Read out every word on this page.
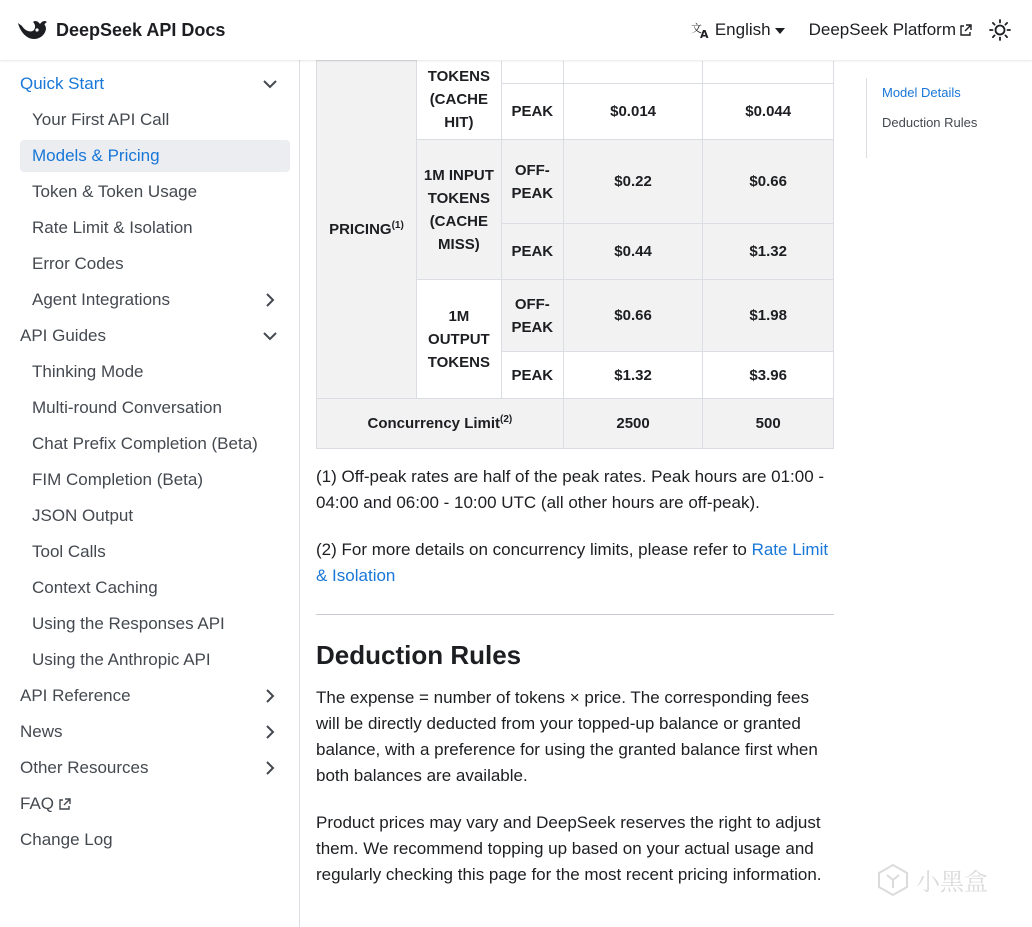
DeepSeek API Docs	文
A English DeepSeek Platform
Quick Start
Your First API Call
Models & Pricing
Token & Token Usage
Rate Limit & Isolation
Error Codes
Agent Integrations
API Guides
Thinking Mode
Multi-round Conversation
Chat Prefix Completion (Beta)
FIM Completion (Beta)
JSON Output
Tool Calls
Context Caching
Using the Responses API
Using the Anthropic API
API Reference
News
Other Resources
FAQ
Change Log
PRICING$^{(1)}$	TOKENS (CACHE HIT)			
		PEAK	$0.014	$0.044
	1M INPUT TOKENS (CACHE MISS)	OFF-PEAK	$0.22	$0.66
		PEAK	$0.44	$1.32
	1M OUTPUT TOKENS	OFF-PEAK	$0.66	$1.98
		PEAK	$1.32	$3.96
Concurrency Limit$^{(2)}$			2500	500
(1) Off-peak rates are half of the peak rates. Peak hours are 01:00 - 04:00 and 06:00 - 10:00 UTC (all other hours are off-peak).
(2) For more details on concurrency limits, please refer to Rate Limit & Isolation
Deduction Rules
The expense = number of tokens × price. The corresponding fees will be directly deducted from your topped-up balance or granted balance, with a preference for using the granted balance first when both balances are available.
Product prices may vary and DeepSeek reserves the right to adjust them. We recommend topping up based on your actual usage and regularly checking this page for the most recent pricing information.
Model Details
Deduction Rules
小黑盒
